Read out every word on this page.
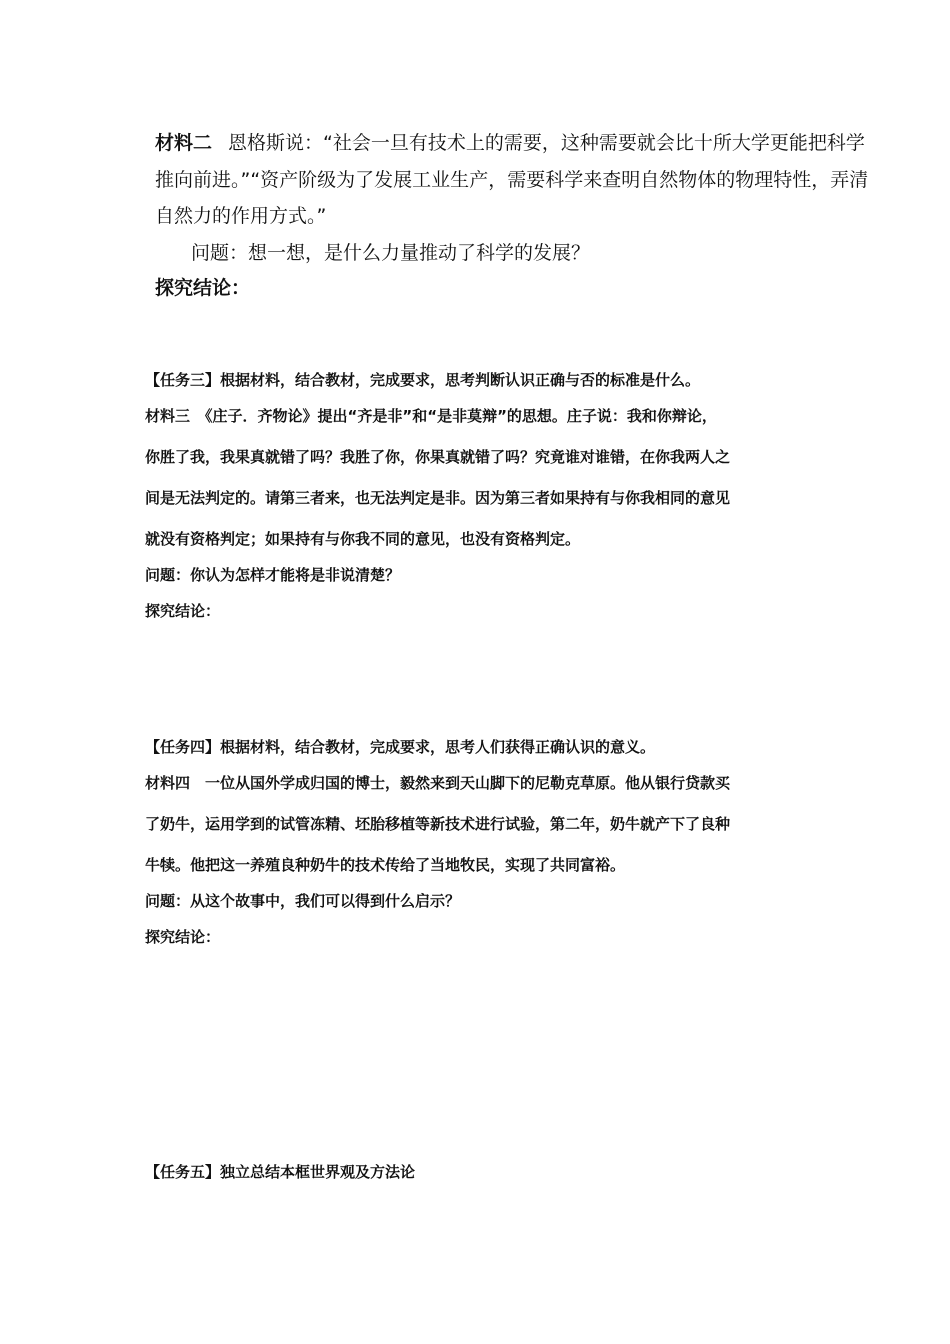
材料二 恩格斯说：“社会一旦有技术上的需要，这种需要就会比十所大学更能把科学
推向前进。”“资产阶级为了发展工业生产，需要科学来查明自然物体的物理特性，弄清
自然力的作用方式。”
问题：想一想，是什么力量推动了科学的发展？
探究结论：
【任务三】根据材料，结合教材，完成要求，思考判断认识正确与否的标准是什么。
材料三　《庄子．齐物论》提出“齐是非”和“是非莫辩”的思想。庄子说：我和你辩论，
你胜了我，我果真就错了吗？我胜了你，你果真就错了吗？究竟谁对谁错，在你我两人之
间是无法判定的。请第三者来，也无法判定是非。因为第三者如果持有与你我相同的意见
就没有资格判定；如果持有与你我不同的意见，也没有资格判定。
问题：你认为怎样才能将是非说清楚？
探究结论：
【任务四】根据材料，结合教材，完成要求，思考人们获得正确认识的意义。
材料四　一位从国外学成归国的博士，毅然来到天山脚下的尼勒克草原。他从银行贷款买
了奶牛，运用学到的试管冻精、坯胎移植等新技术进行试验，第二年，奶牛就产下了良种
牛犊。他把这一养殖良种奶牛的技术传给了当地牧民，实现了共同富裕。
问题：从这个故事中，我们可以得到什么启示？
探究结论：
【任务五】独立总结本框世界观及方法论
